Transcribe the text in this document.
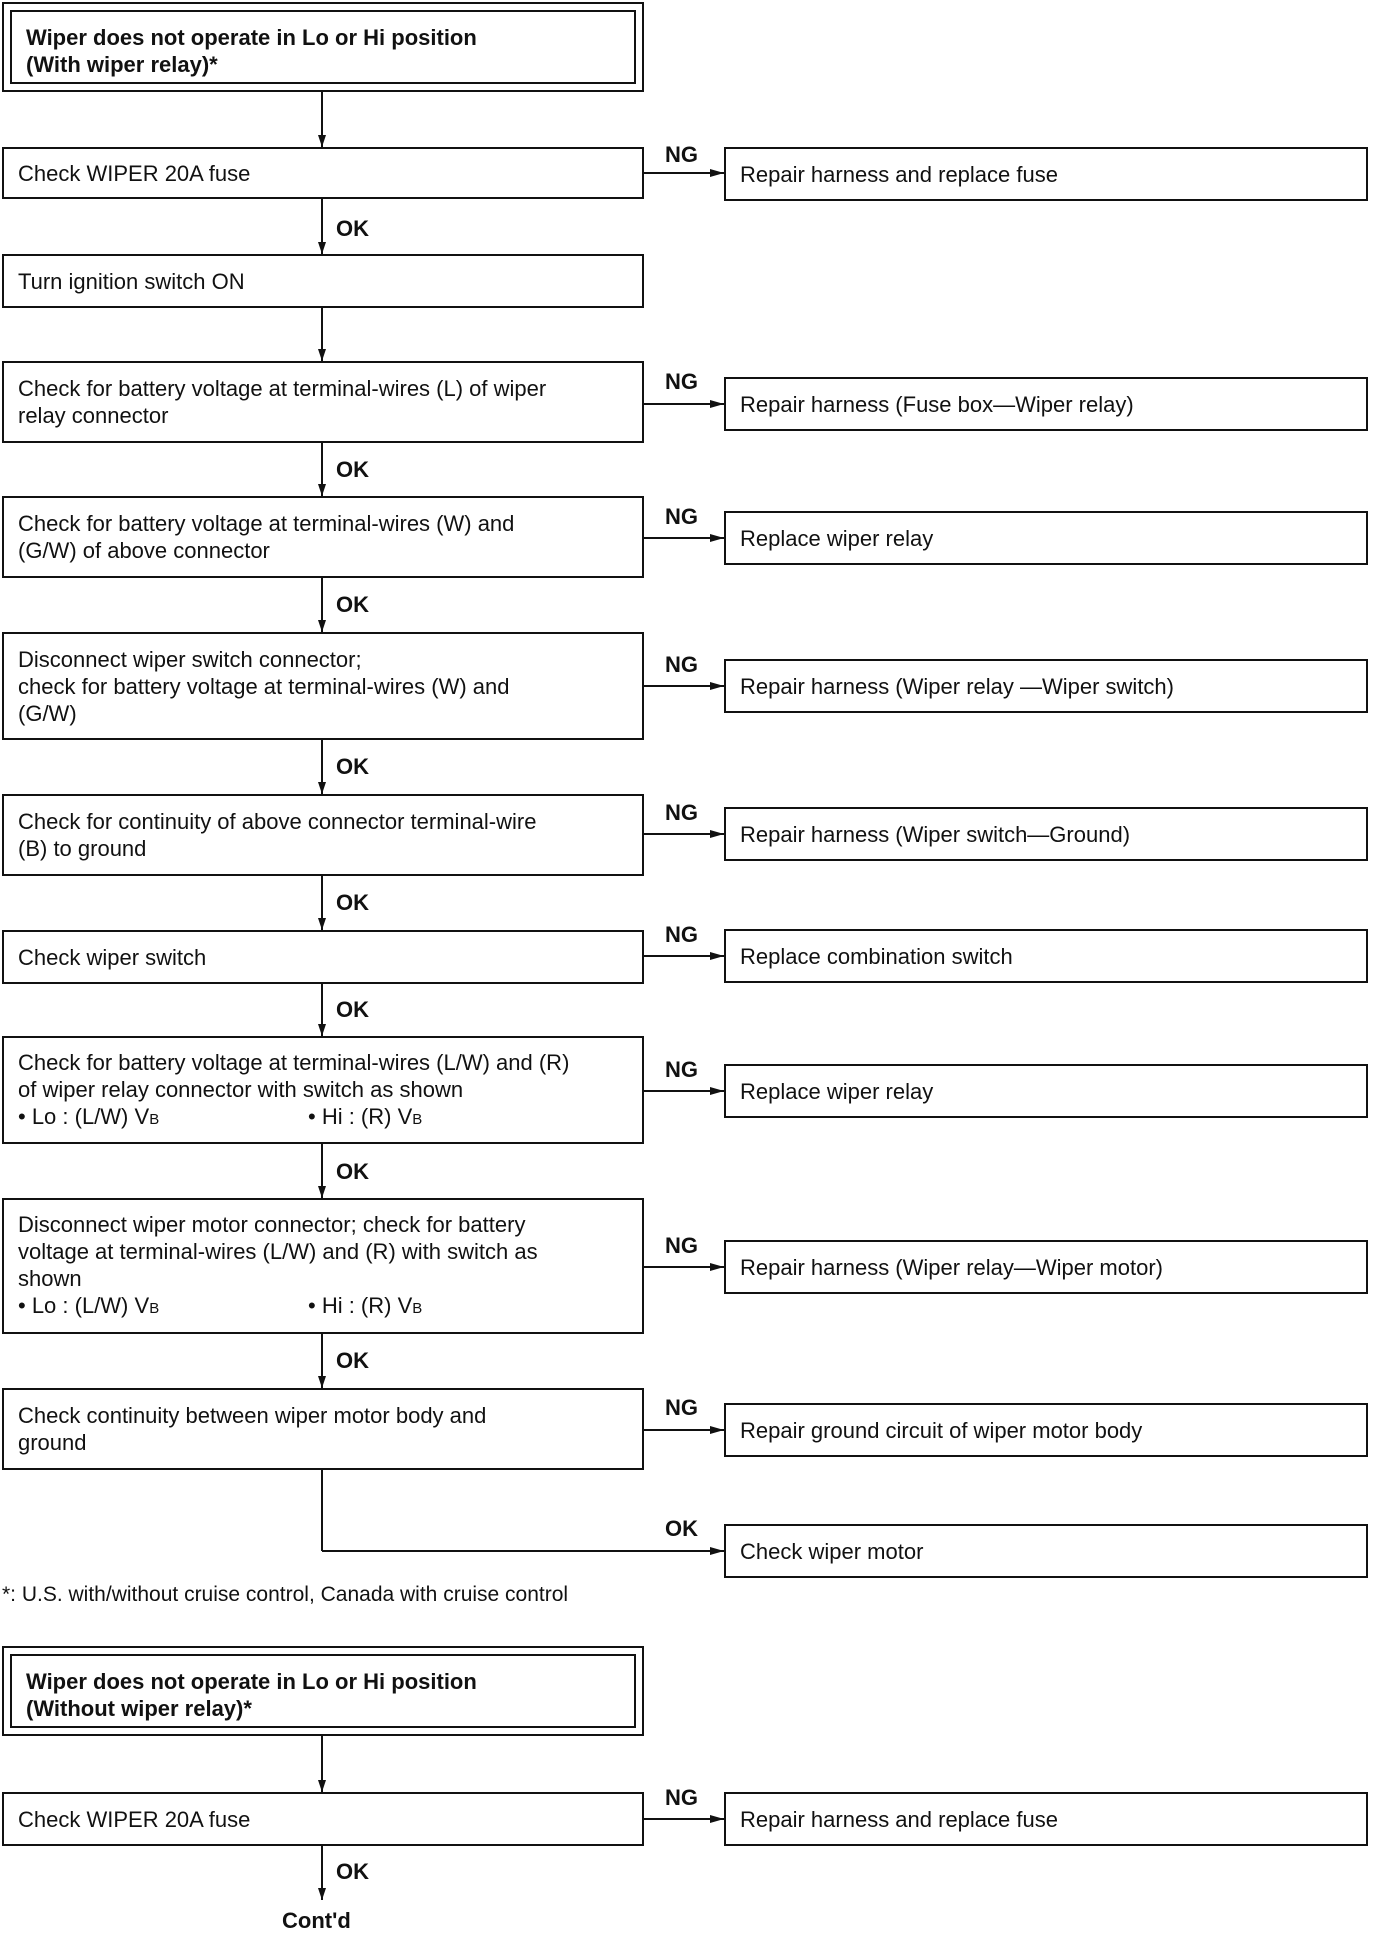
Wiper does not operate in Lo or Hi position
(With wiper relay)*
Check WIPER 20A fuse	Repair harness and replace fuse
Turn ignition switch ON
Check for battery voltage at terminal-wires (L) of wiper
relay connector	Repair harness (Fuse box—Wiper relay)
Check for battery voltage at terminal-wires (W) and
(G/W) of above connector	Replace wiper relay
Disconnect wiper switch connector;
check for battery voltage at terminal-wires (W) and
(G/W)
Repair harness (Wiper relay —Wiper switch)
Check for continuity of above connector terminal-wire
(B) to ground
Repair harness (Wiper switch—Ground)
Check wiper switch	Replace combination switch
Check for battery voltage at terminal-wires (L/W) and (R)
of wiper relay connector with switch as shown
• Lo : (L/W) VB	• Hi : (R) VB
Replace wiper relay
Disconnect wiper motor connector; check for battery
voltage at terminal-wires (L/W) and (R) with switch as
shown
• Lo : (L/W) VB	• Hi : (R) VB
Repair harness (Wiper relay—Wiper motor)
Check continuity between wiper motor body and
ground	Repair ground circuit of wiper motor body
Check wiper motor
*: U.S. with/without cruise control, Canada with cruise control
Wiper does not operate in Lo or Hi position
(Without wiper relay)*
Check WIPER 20A fuse	Repair harness and replace fuse
Cont'd
OK
OK
OK
OK
OK
OK
OK
OK
OK
OK
NG
NG
NG
NG
NG
NG
NG
NG
NG
NG
